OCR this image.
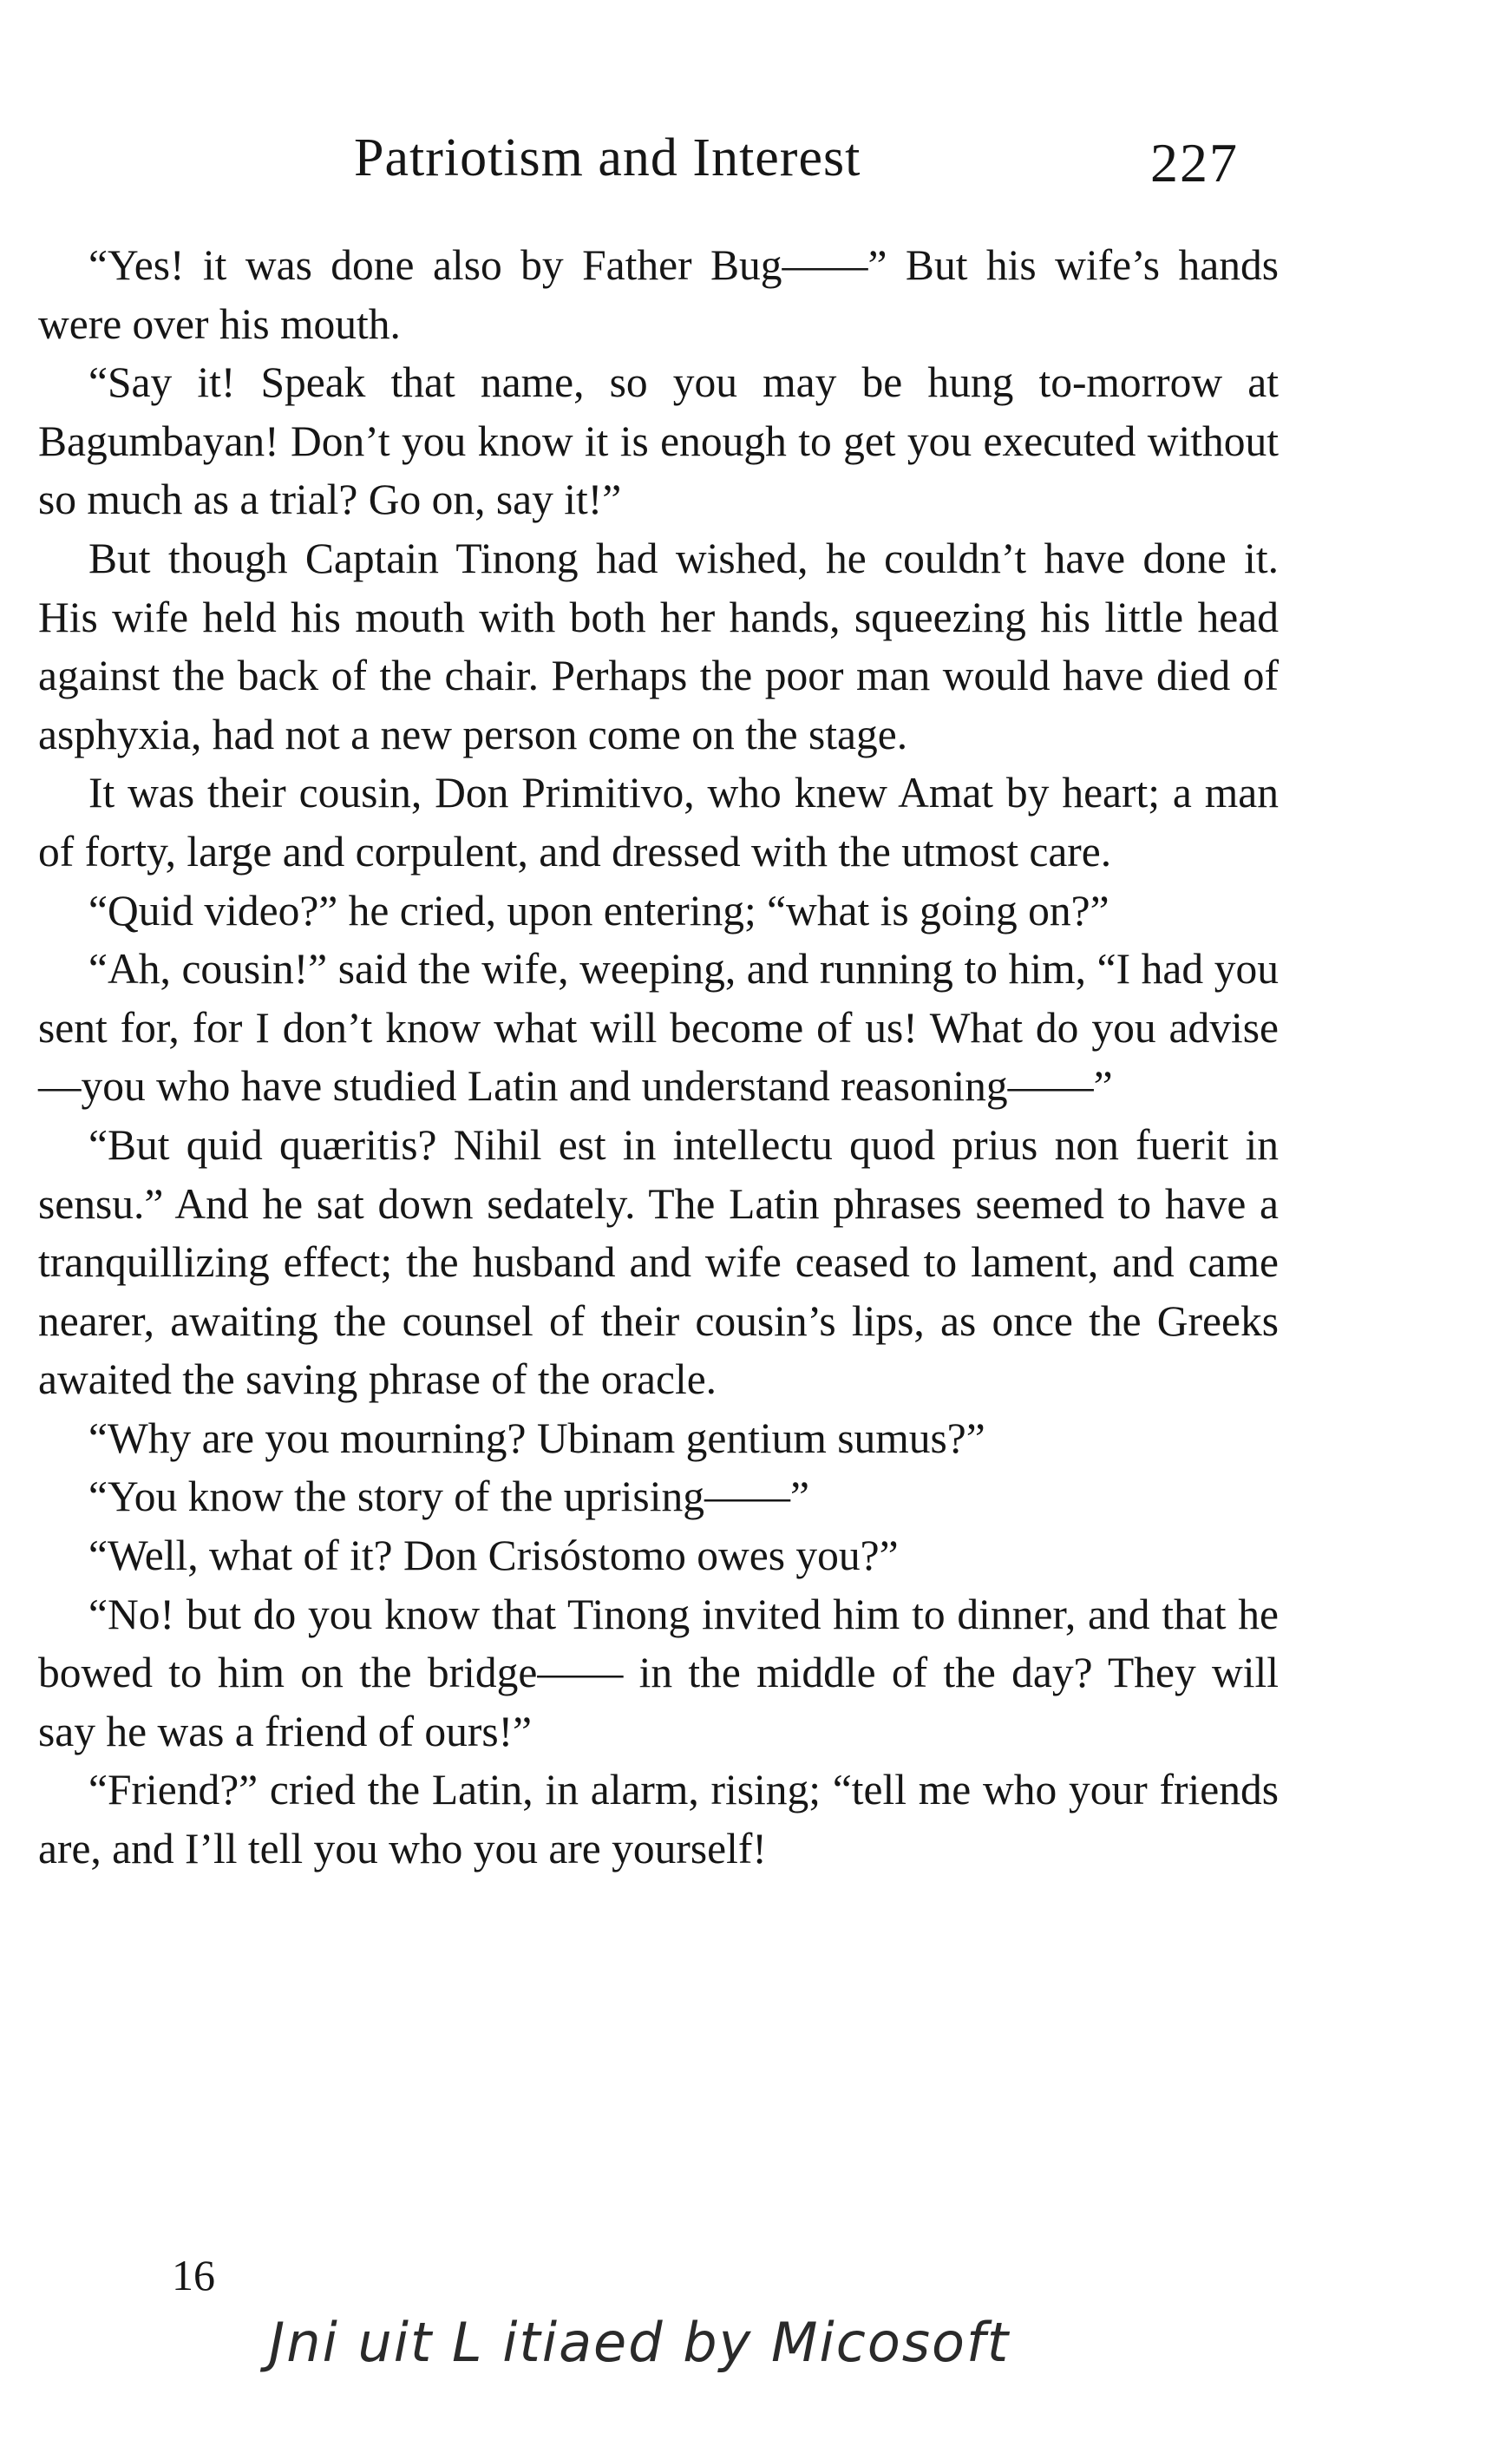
Patriotism and Interest	227

“Yes! it was done also by Father Bug——” But his wife’s hands were over his mouth.

“Say it! Speak that name, so you may be hung to-morrow at Bagumbayan! Don’t you know it is enough to get you executed without so much as a trial? Go on, say it!”

But though Captain Tinong had wished, he couldn’t have done it. His wife held his mouth with both her hands, squeezing his little head against the back of the chair. Perhaps the poor man would have died of asphyxia, had not a new person come on the stage.

It was their cousin, Don Primitivo, who knew Amat by heart; a man of forty, large and corpulent, and dressed with the utmost care.

“Quid video?” he cried, upon entering; “what is going on?”

“Ah, cousin!” said the wife, weeping, and running to him, “I had you sent for, for I don’t know what will become of us! What do you advise—you who have studied Latin and understand reasoning——”

“But quid quæritis? Nihil est in intellectu quod prius non fuerit in sensu.” And he sat down sedately. The Latin phrases seemed to have a tranquillizing effect; the husband and wife ceased to lament, and came nearer, awaiting the counsel of their cousin’s lips, as once the Greeks awaited the saving phrase of the oracle.

“Why are you mourning? Ubinam gentium sumus?”

“You know the story of the uprising——”

“Well, what of it? Don Crisóstomo owes you?”

“No! but do you know that Tinong invited him to dinner, and that he bowed to him on the bridge—— in the middle of the day? They will say he was a friend of ours!”

“Friend?” cried the Latin, in alarm, rising; “tell me who your friends are, and I’ll tell you who you are yourself!

16
Jni uit L itiaed by Micosoft
